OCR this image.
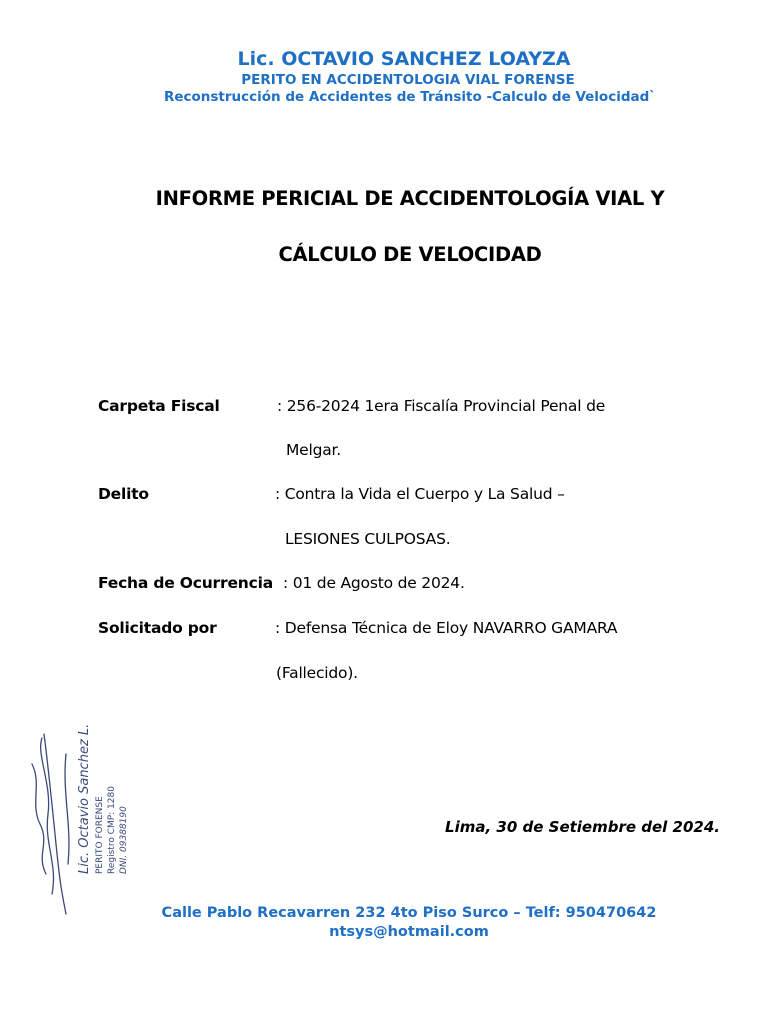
Lic. OCTAVIO SANCHEZ LOAYZA
PERITO EN ACCIDENTOLOGIA VIAL FORENSE
Reconstrucción de Accidentes de Tránsito -Calculo de Velocidad`
INFORME PERICIAL DE ACCIDENTOLOGÍA VIAL Y
CÁLCULO DE VELOCIDAD
Carpeta Fiscal	: 256-2024 1era Fiscalía Provincial Penal de
Melgar.
Delito	: Contra la Vida el Cuerpo y La Salud –
LESIONES CULPOSAS.
Fecha de Ocurrencia : 01 de Agosto de 2024.
Solicitado por	: Defensa Técnica de Eloy NAVARRO GAMARA
(Fallecido).
Lic. Octavio Sanchez L. PERITO FORENSE Registro CMP: 1280 DNI. 09388190	Lima, 30 de Setiembre del 2024.
Calle Pablo Recavarren 232 4to Piso Surco – Telf: 950470642
ntsys@hotmail.com
